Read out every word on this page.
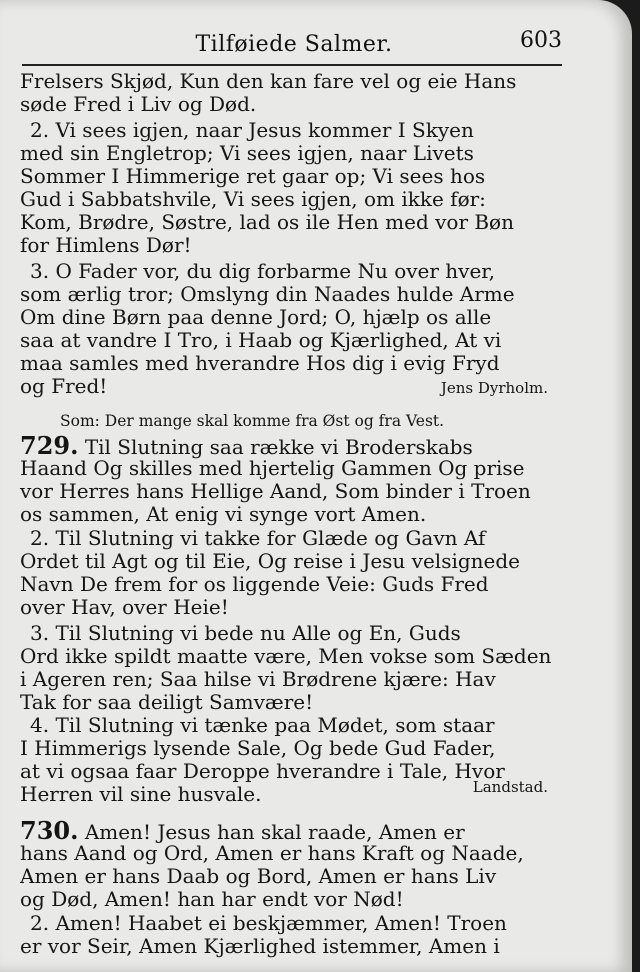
Tilføiede Salmer.	603
Frelsers Skjød, Kun den kan fare vel og eie Hans
søde Fred i Liv og Død.
2. Vi sees igjen, naar Jesus kommer I Skyen
med sin Engletrop; Vi sees igjen, naar Livets
Sommer I Himmerige ret gaar op; Vi sees hos
Gud i Sabbatshvile, Vi sees igjen, om ikke før:
Kom, Brødre, Søstre, lad os ile Hen med vor Bøn
for Himlens Dør!
3. O Fader vor, du dig forbarme Nu over hver,
som ærlig tror; Omslyng din Naades hulde Arme
Om dine Børn paa denne Jord; O, hjælp os alle
saa at vandre I Tro, i Haab og Kjærlighed, At vi
maa samles med hverandre Hos dig i evig Fryd
og Fred!	Jens Dyrholm.
Som: Der mange skal komme fra Øst og fra Vest.
729. Til Slutning saa række vi Broderskabs
Haand Og skilles med hjertelig Gammen Og prise
vor Herres hans Hellige Aand, Som binder i Troen
os sammen, At enig vi synge vort Amen.
2. Til Slutning vi takke for Glæde og Gavn Af
Ordet til Agt og til Eie, Og reise i Jesu velsignede
Navn De frem for os liggende Veie: Guds Fred
over Hav, over Heie!
3. Til Slutning vi bede nu Alle og En, Guds
Ord ikke spildt maatte være, Men vokse som Sæden
i Ageren ren; Saa hilse vi Brødrene kjære: Hav
Tak for saa deiligt Samvære!
4. Til Slutning vi tænke paa Mødet, som staar
I Himmerigs lysende Sale, Og bede Gud Fader,
at vi ogsaa faar Deroppe hverandre i Tale, Hvor
Landstad.
Herren vil sine husvale.
730. Amen! Jesus han skal raade, Amen er
hans Aand og Ord, Amen er hans Kraft og Naade,
Amen er hans Daab og Bord, Amen er hans Liv
og Død, Amen! han har endt vor Nød!
2. Amen! Haabet ei beskjæmmer, Amen! Troen
er vor Seir, Amen Kjærlighed istemmer, Amen i
